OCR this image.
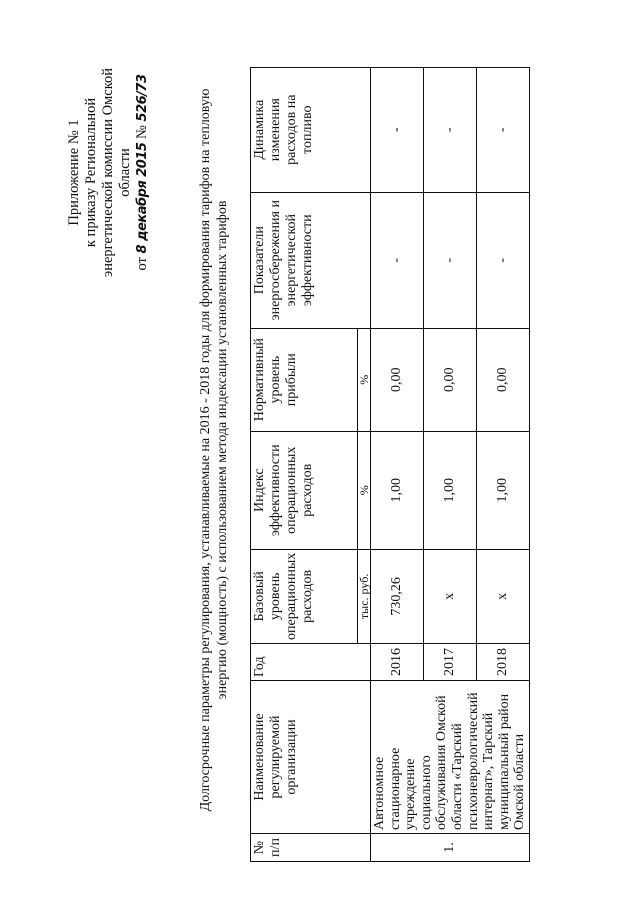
Приложение № 1 к приказу Региональной энергетической комиссии Омской области
от 8 декабря 2015 № 526/73	Долгосрочные параметры регулирования, устанавливаемые на 2016 - 2018 годы для формирования тарифов на тепловую энергию (мощность) с использованием метода индексации установленных тарифов
№ п/п	Наименование регулируемой организации	Год	Базовый уровень операционных расходов	Индекс эффективности операционных расходов	Нормативный уровень прибыли	Показатели энергосбережения и энергетической эффективности	Динамика изменения расходов на топливо
			тыс. руб.	%	%		
1.	Автономное стационарное учреждение социального обслуживания Омской области «Тарский психоневрологический интернат», Тарский муниципальный район Омской области	2016	730,26	1,00	0,00	-	-
		2017	х	1,00	0,00	-	-
		2018	х	1,00	0,00	-	-
